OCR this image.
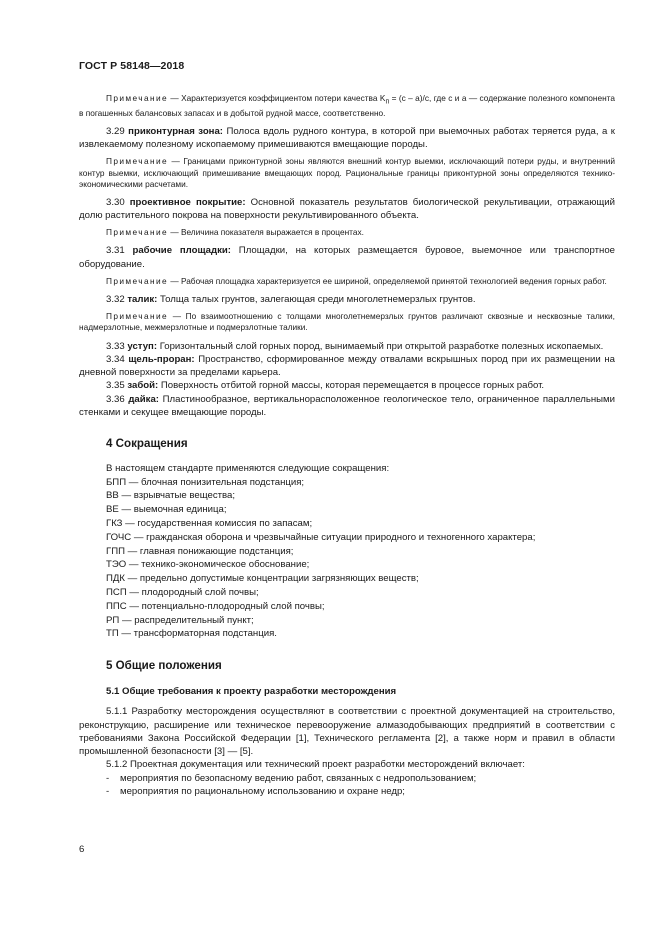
ГОСТ Р 58148—2018

Примечание — Характеризуется коэффициентом потери качества $K_п = (c - a)/c$, где c и a — содержание полезного компонента в погашенных балансовых запасах и в добытой рудной массе, соответственно.

3.29 приконтурная зона: Полоса вдоль рудного контура, в которой при выемочных работах теряется руда, а к извлекаемому полезному ископаемому примешиваются вмещающие породы.

Примечание — Границами приконтурной зоны являются внешний контур выемки, исключающий потери руды, и внутренний контур выемки, исключающий примешивание вмещающих пород. Рациональные границы приконтурной зоны определяются технико-экономическими расчетами.

3.30 проективное покрытие: Основной показатель результатов биологической рекультивации, отражающий долю растительного покрова на поверхности рекультивированного объекта.

Примечание — Величина показателя выражается в процентах.

3.31 рабочие площадки: Площадки, на которых размещается буровое, выемочное или транспортное оборудование.

Примечание — Рабочая площадка характеризуется ее шириной, определяемой принятой технологией ведения горных работ.

3.32 талик: Толща талых грунтов, залегающая среди многолетнемерзлых грунтов.

Примечание — По взаимоотношению с толщами многолетнемерзлых грунтов различают сквозные и несквозные талики, надмерзлотные, межмерзлотные и подмерзлотные талики.

3.33 уступ: Горизонтальный слой горных пород, вынимаемый при открытой разработке полезных ископаемых.

3.34 щель-проран: Пространство, сформированное между отвалами вскрышных пород при их размещении на дневной поверхности за пределами карьера.

3.35 забой: Поверхность отбитой горной массы, которая перемещается в процессе горных работ.

3.36 дайка: Пластинообразное, вертикальнорасположенное геологическое тело, ограниченное параллельными стенками и секущее вмещающие породы.

4 Сокращения

В настоящем стандарте применяются следующие сокращения:

БПП — блочная понизительная подстанция;
ВВ — взрывчатые вещества;
ВЕ — выемочная единица;
ГКЗ — государственная комиссия по запасам;
ГОЧС — гражданская оборона и чрезвычайные ситуации природного и техногенного характера;
ГПП — главная понижающие подстанция;
ТЭО — технико-экономическое обоснование;
ПДК — предельно допустимые концентрации загрязняющих веществ;
ПСП — плодородный слой почвы;
ППС — потенциально-плодородный слой почвы;
РП — распределительный пункт;
ТП — трансформаторная подстанция.
5 Общие положения
5.1 Общие требования к проекту разработки месторождения

5.1.1 Разработку месторождения осуществляют в соответствии с проектной документацией на строительство, реконструкцию, расширение или техническое перевооружение алмазодобывающих предприятий в соответствии с требованиями Закона Российской Федерации [1], Технического регламента [2], а также норм и правил в области промышленной безопасности [3] — [5].

5.1.2 Проектная документация или технический проект разработки месторождений включает:

- мероприятия по безопасному ведению работ, связанных с недропользованием;
- мероприятия по рациональному использованию и охране недр;
6
